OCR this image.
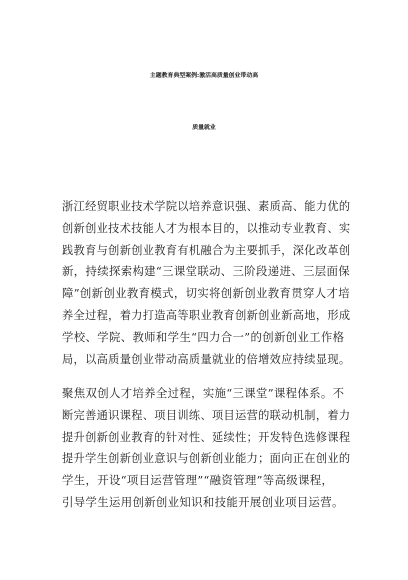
主题教育典型案例:激活高质量创业带动高
质量就业
浙江经贸职业技术学院以培养意识强、素质高、能力优的
创新创业技术技能人才为根本目的，以推动专业教育、实
践教育与创新创业教育有机融合为主要抓手，深化改革创
新，持续探索构建“三课堂联动、三阶段递进、三层面保
障”创新创业教育模式，切实将创新创业教育贯穿人才培
养全过程，着力打造高等职业教育创新创业新高地，形成
学校、学院、教师和学生“四力合一”的创新创业工作格
局，以高质量创业带动高质量就业的倍增效应持续显现。
聚焦双创人才培养全过程，实施“三课堂”课程体系。不
断完善通识课程、项目训练、项目运营的联动机制，着力
提升创新创业教育的针对性、延续性；开发特色选修课程
提升学生创新创业意识与创新创业能力；面向正在创业的
学生，开设“项目运营管理”“融资管理”等高级课程，
引导学生运用创新创业知识和技能开展创业项目运营。
